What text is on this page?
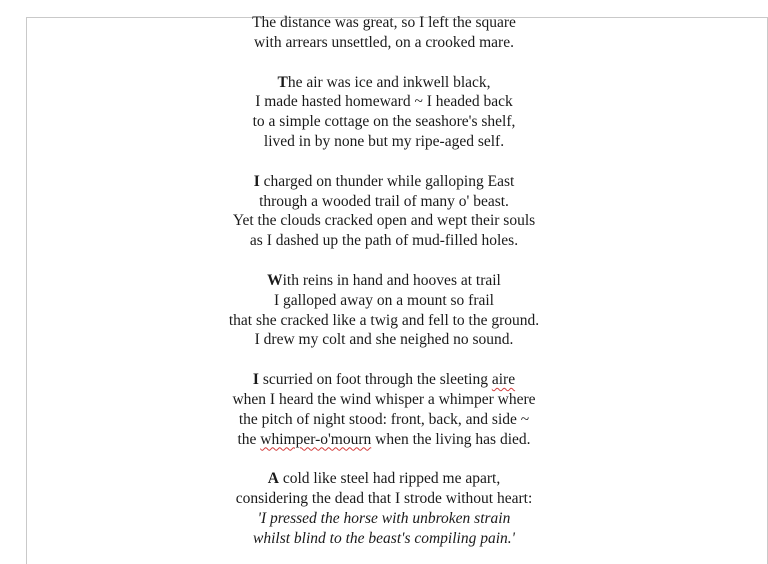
The distance was great, so I left the square
with arrears unsettled, on a crooked mare.
The air was ice and inkwell black,
I made hasted homeward ~ I headed back
to a simple cottage on the seashore's shelf,
lived in by none but my ripe-aged self.
I charged on thunder while galloping East
through a wooded trail of many o' beast.
Yet the clouds cracked open and wept their souls
as I dashed up the path of mud-filled holes.
With reins in hand and hooves at trail
I galloped away on a mount so frail
that she cracked like a twig and fell to the ground.
I drew my colt and she neighed no sound.
I scurried on foot through the sleeting aire
when I heard the wind whisper a whimper where
the pitch of night stood: front, back, and side ~
the whimper-o'mourn when the living has died.
A cold like steel had ripped me apart,
considering the dead that I strode without heart:
'I pressed the horse with unbroken strain
whilst blind to the beast's compiling pain.'
